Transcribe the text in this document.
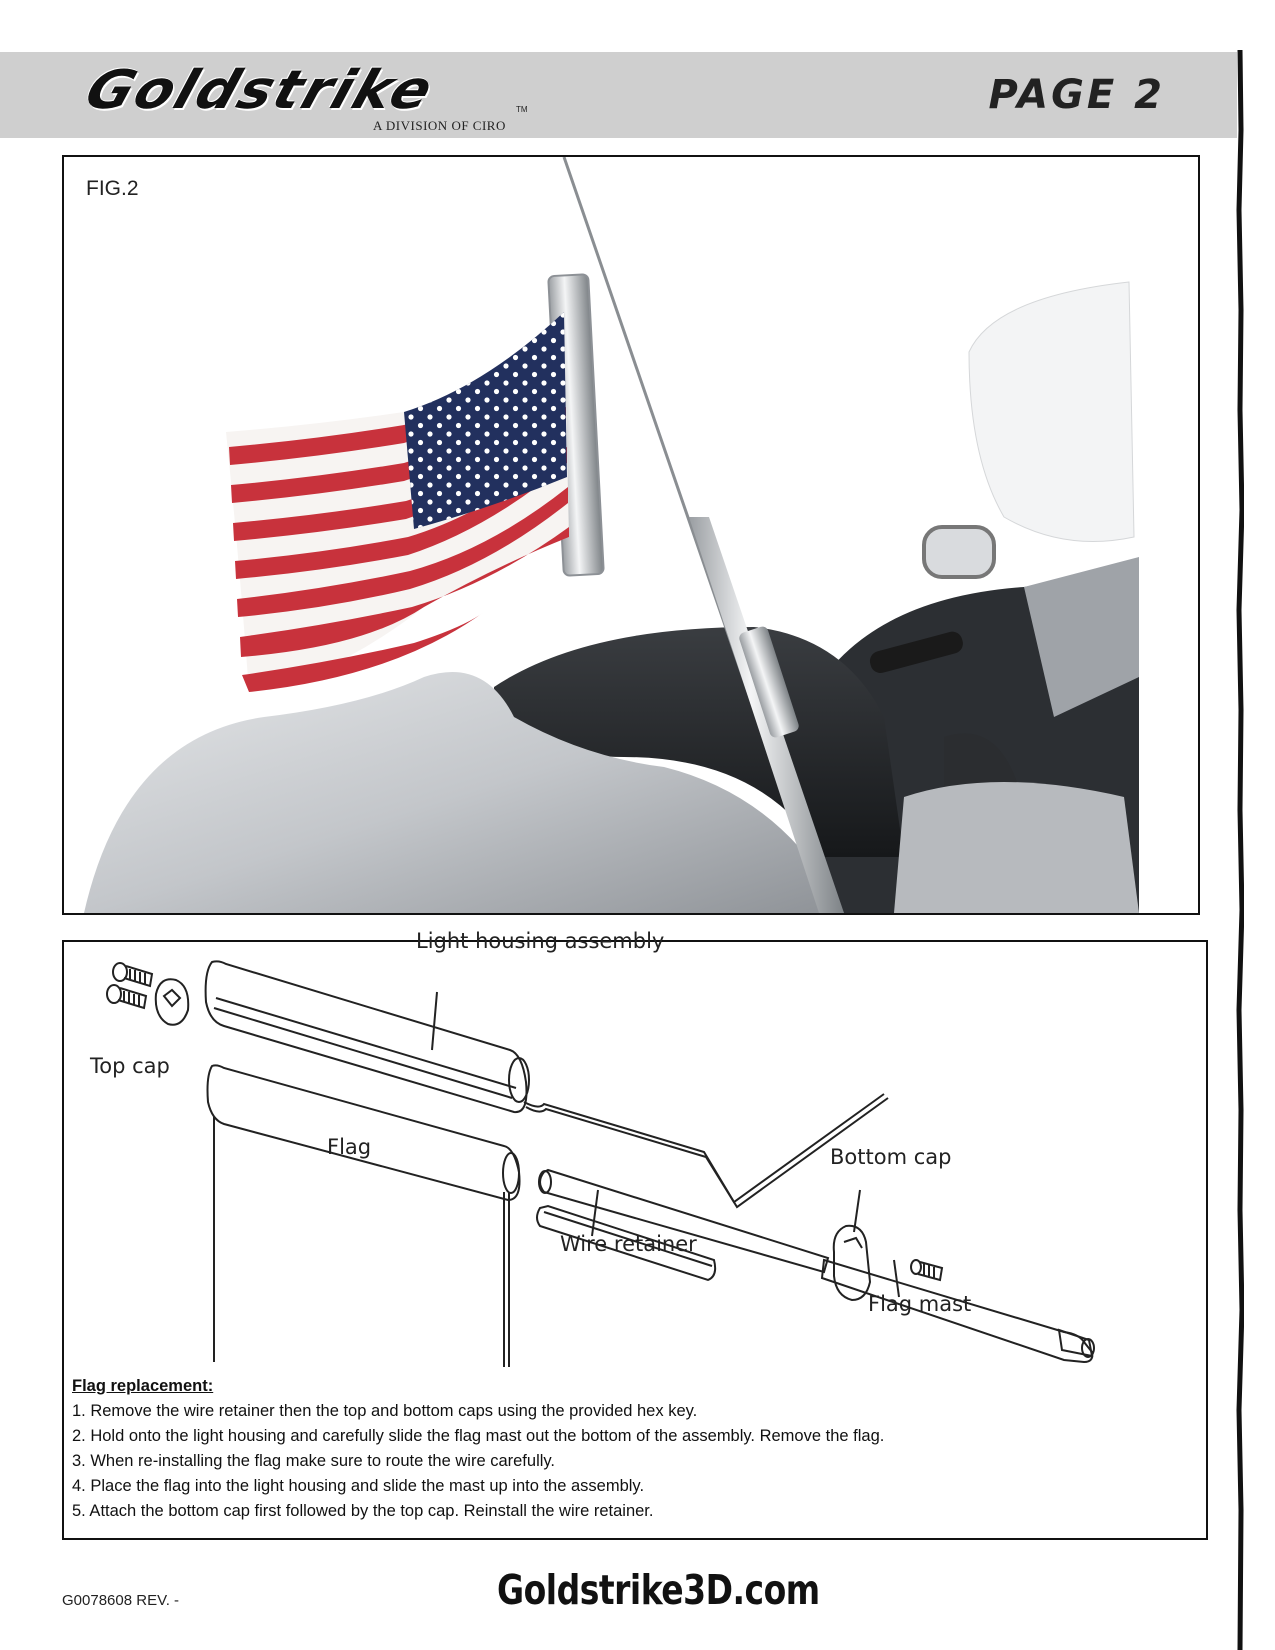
Goldstrike	TM
A DIVISION OF CIRO
PAGE 2
FIG.2
Light housing assembly
Top cap
Flag	Bottom cap
Wire retainer
Flag mast
Flag replacement:
1. Remove the wire retainer then the top and bottom caps using the provided hex key.
2. Hold onto the light housing and carefully slide the flag mast out the bottom of the assembly. Remove the flag.
3. When re-installing the flag make sure to route the wire carefully.
4. Place the flag into the light housing and slide the mast up into the assembly.
5. Attach the bottom cap first followed by the top cap. Reinstall the wire retainer.
G0078608 REV. -	Goldstrike3D.com
